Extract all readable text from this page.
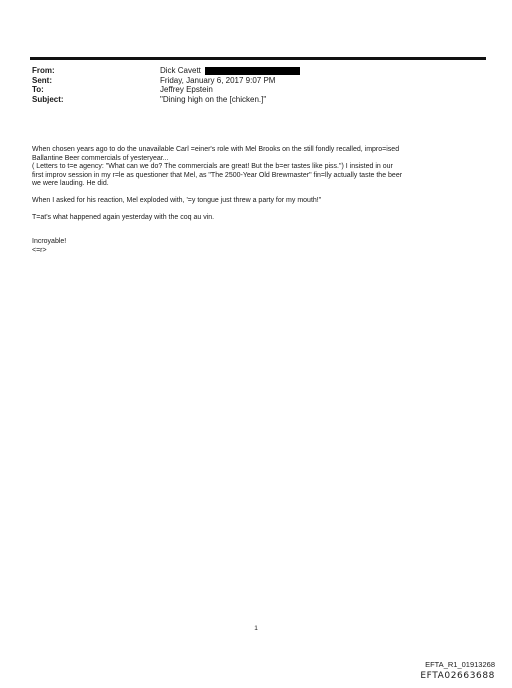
From:	Dick Cavett
Sent:	Friday, January 6, 2017 9:07 PM
To:	Jeffrey Epstein
Subject:	"Dining high on the [chicken.]"

When chosen years ago to do the unavailable Carl =einer's role with Mel Brooks on the still fondly recalled, impro=ised
Ballantine Beer commercials of yesteryear...
( Letters to t=e agency: "What can we do? The commercials are great! But the b=er tastes like piss.") I insisted in our
first improv session in my r=le as questioner that Mel, as "The 2500-Year Old Brewmaster" fin=lly actually taste the beer
we were lauding. He did.

When I asked for his reaction, Mel exploded with, '=y tongue just threw a party for my mouth!"

T=at's what happened again yesterday with the coq au vin.

Incroyable!
<=r>

1
EFTA_R1_01913268
EFTA02663688
